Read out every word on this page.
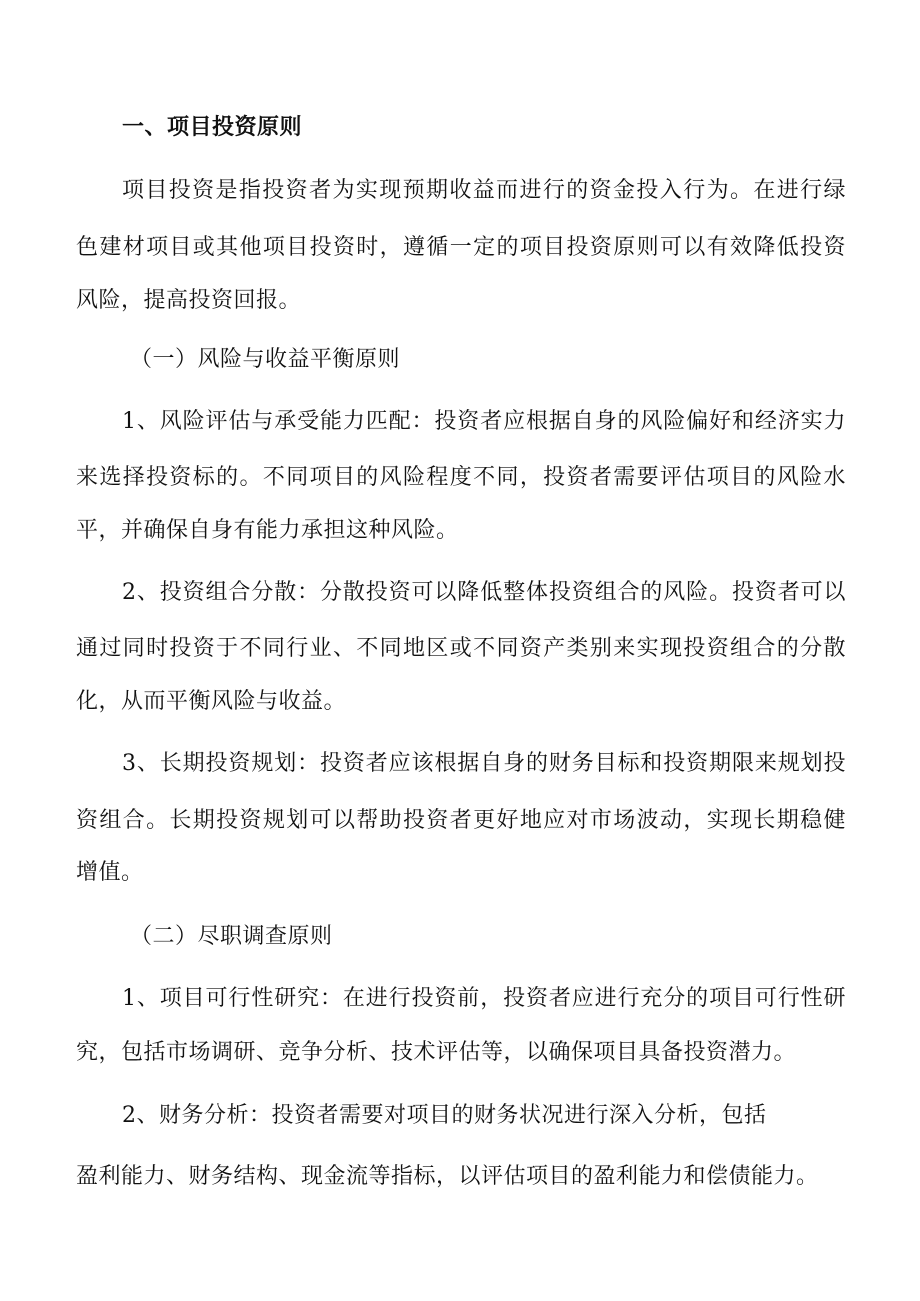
一、项目投资原则
项目投资是指投资者为实现预期收益而进行的资金投入行为。在进行绿
色建材项目或其他项目投资时，遵循一定的项目投资原则可以有效降低投资
风险，提高投资回报。
（一）风险与收益平衡原则
1、风险评估与承受能力匹配：投资者应根据自身的风险偏好和经济实力
来选择投资标的。不同项目的风险程度不同，投资者需要评估项目的风险水
平，并确保自身有能力承担这种风险。
2、投资组合分散：分散投资可以降低整体投资组合的风险。投资者可以
通过同时投资于不同行业、不同地区或不同资产类别来实现投资组合的分散
化，从而平衡风险与收益。
3、长期投资规划：投资者应该根据自身的财务目标和投资期限来规划投
资组合。长期投资规划可以帮助投资者更好地应对市场波动，实现长期稳健
增值。
（二）尽职调查原则
1、项目可行性研究：在进行投资前，投资者应进行充分的项目可行性研
究，包括市场调研、竞争分析、技术评估等，以确保项目具备投资潜力。
2、财务分析：投资者需要对项目的财务状况进行深入分析，包括
盈利能力、财务结构、现金流等指标，以评估项目的盈利能力和偿债能力。
